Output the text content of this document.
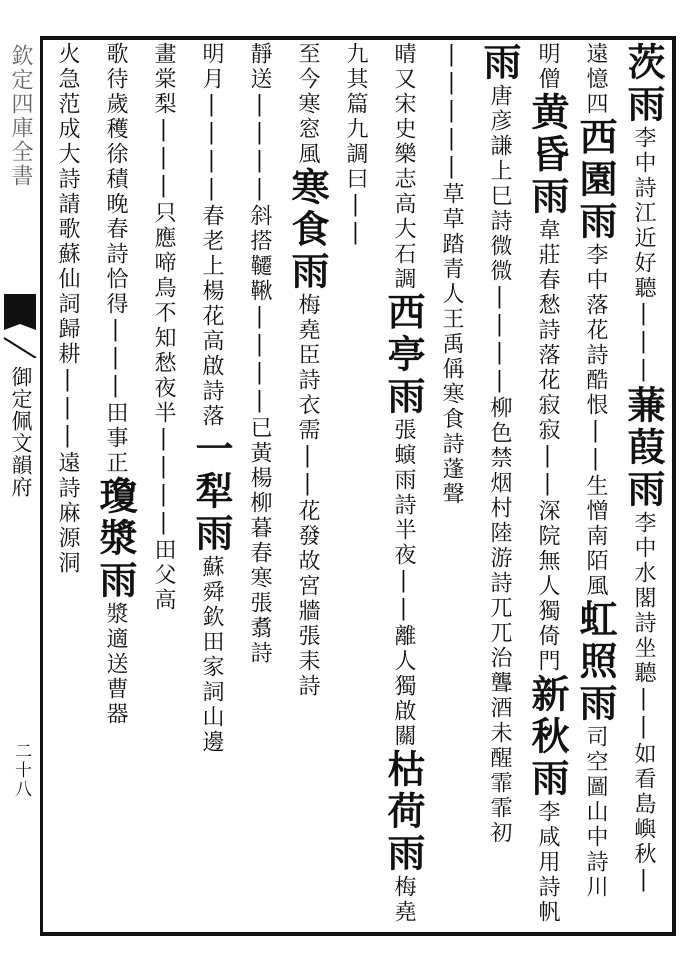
欽定四庫全書
御定佩文韻府
二十八
茨雨李中詩江近好聽|||蒹葭雨李中水閣詩坐聽||如看島嶼秋|
遠憶四西園雨李中落花詩酷恨||生憎南陌風虹照雨司空圖山中詩川
明僧黄昏雨韋莊春愁詩落花寂寂||深院無人獨倚門新秋雨李咸用詩帆
雨唐彦謙上巳詩微微||||柳色禁烟村陸游詩兀兀治聾酒未醒霏霏初
|||||草草踏青人王禹偁寒食詩蓬聲
晴又宋史樂志高大石調西亭雨張螾雨詩半夜||離人獨啟關枯荷雨梅堯
九其篇九調曰||
至今寒窓風寒食雨梅堯臣詩衣需||花發故宮牆張耒詩
靜送||||斜搭韆鞦||||已黃楊柳暮春寒張翥詩
明月||||春老上楊花高啟詩落一犁雨蘇舜欽田家詞山邊
畫棠梨|||只應啼鳥不知愁夜半||||田父高
歌待歲穫徐積晚春詩恰得|||田事正瓊漿雨漿適送曹器
火急范成大詩請歌蘇仙詞歸耕|||遠詩麻源洞
